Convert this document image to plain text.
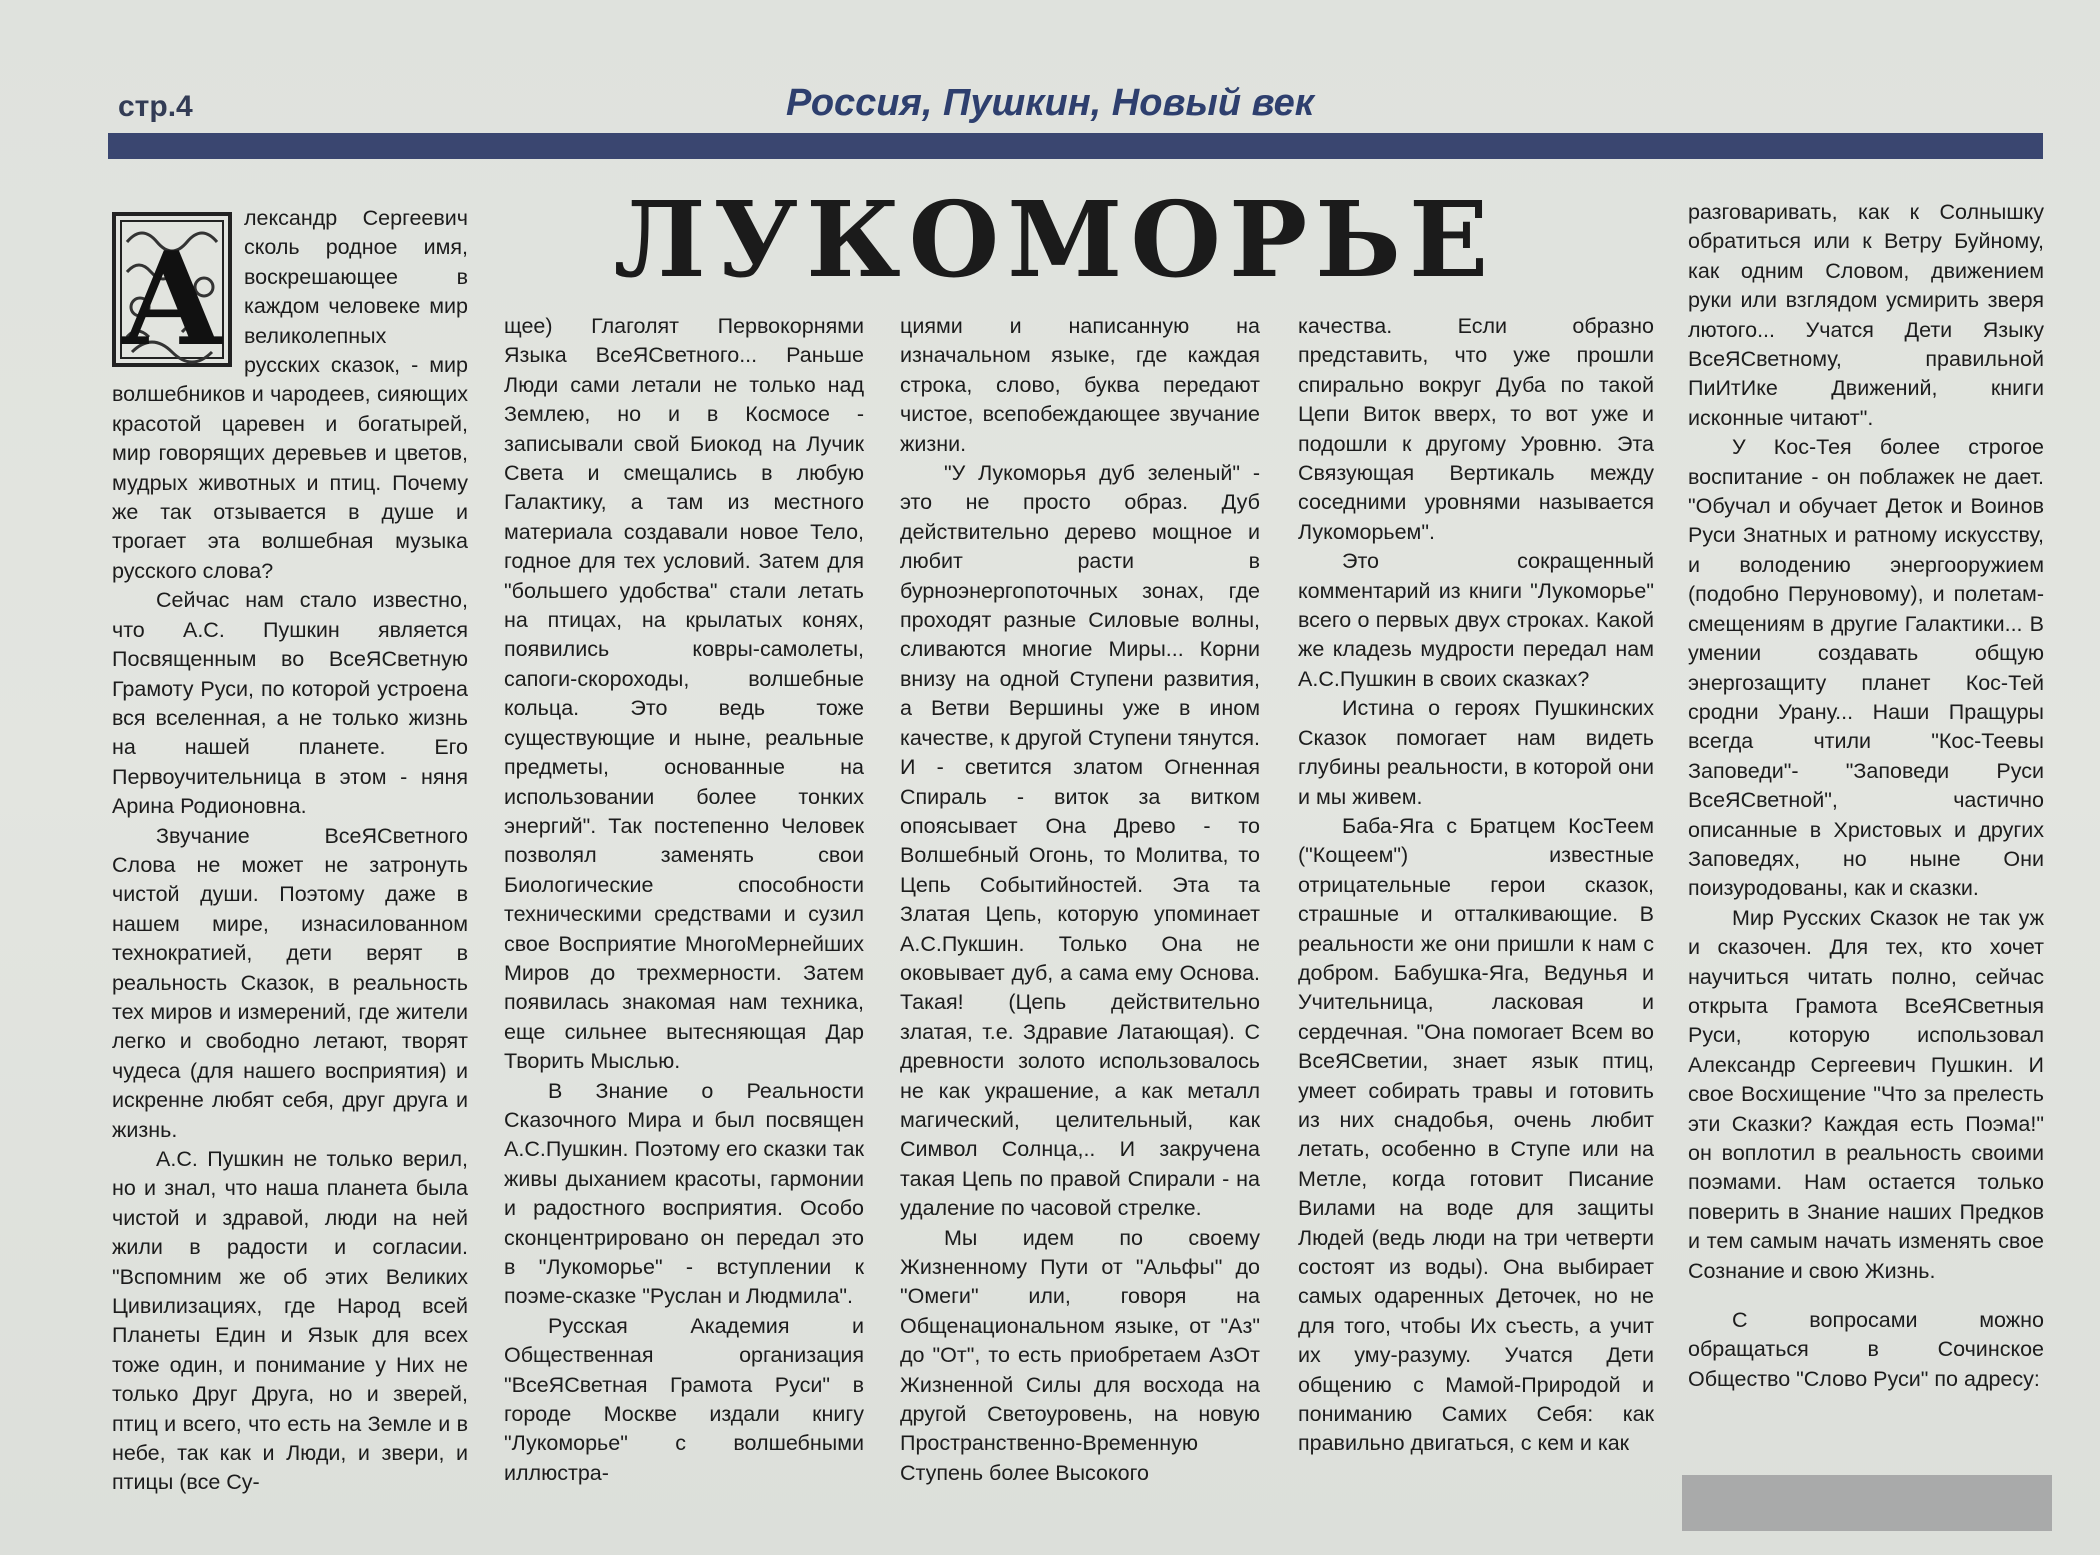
стр.4	Россия, Пушкин, Новый век
ЛУКОМОРЬЕ
А

лександр Сергеевич сколь родное имя, воскрешающее в каждом человеке мир великолепных русских сказок, - мир волшебников и чародеев, сияющих красотой царевен и богатырей, мир говорящих деревьев и цветов, мудрых животных и птиц. Почему же так отзывается в душе и трогает эта волшебная музыка русского слова?

Сейчас нам стало известно, что А.С. Пушкин является Посвященным во ВсеЯСветную Грамоту Руси, по которой устроена вся вселенная, а не только жизнь на нашей планете. Его Первоучительница в этом - няня Арина Родионовна.

Звучание ВсеЯСветного Слова не может не затронуть чистой души. Поэтому даже в нашем мире, изнасилованном технократией, дети верят в реальность Сказок, в реальность тех миров и измерений, где жители легко и свободно летают, творят чудеса (для нашего восприятия) и искренне любят себя, друг друга и жизнь.

А.С. Пушкин не только верил, но и знал, что наша планета была чистой и здравой, люди на ней жили в радости и согласии. "Вспомним же об этих Великих Цивилизациях, где Народ всей Планеты Един и Язык для всех тоже один, и понимание у Них не только Друг Друга, но и зверей, птиц и всего, что есть на Земле и в небе, так как и Люди, и звери, и птицы (все Су-

щее) Глаголят Первокорнями Языка ВсеЯСветного... Раньше Люди сами летали не только над Землею, но и в Космосе - записывали свой Биокод на Лучик Света и смещались в любую Галактику, а там из местного материала создавали новое Тело, годное для тех условий. Затем для "большего удобства" стали летать на птицах, на крылатых конях, появились ковры-самолеты, сапоги-скороходы, волшебные кольца. Это ведь тоже существующие и ныне, реальные предметы, основанные на использовании более тонких энергий". Так постепенно Человек позволял заменять свои Биологические способности техническими средствами и сузил свое Восприятие МногоМернейших Миров до трехмерности. Затем появилась знакомая нам техника, еще сильнее вытесняющая Дар Творить Мыслью.

В Знание о Реальности Сказочного Мира и был посвящен А.С.Пушкин. Поэтому его сказки так живы дыханием красоты, гармонии и радостного восприятия. Особо сконцентрировано он передал это в "Лукоморье" - вступлении к поэме-сказке "Руслан и Людмила".

Русская Академия и Общественная организация "ВсеЯСветная Грамота Руси" в городе Москве издали книгу "Лукоморье" с волшебными иллюстра-

циями и написанную на изначальном языке, где каждая строка, слово, буква передают чистое, всепобеждающее звучание жизни.

"У Лукоморья дуб зеленый" - это не просто образ. Дуб действительно дерево мощное и любит расти в бурноэнергопоточных зонах, где проходят разные Силовые волны, сливаются многие Миры... Корни внизу на одной Ступени развития, а Ветви Вершины уже в ином качестве, к другой Ступени тянутся. И - светится златом Огненная Спираль - виток за витком опоясывает Она Древо - то Волшебный Огонь, то Молитва, то Цепь Событийностей. Эта та Златая Цепь, которую упоминает А.С.Пукшин. Только Она не оковывает дуб, а сама ему Основа. Такая! (Цепь действительно златая, т.е. Здравие Латающая). С древности золото использовалось не как украшение, а как металл магический, целительный, как Символ Солнца,.. И закручена такая Цепь по правой Спирали - на удаление по часовой стрелке.

Мы идем по своему Жизненному Пути от "Альфы" до "Омеги" или, говоря на Общенациональном языке, от "Аз" до "От", то есть приобретаем АзОт Жизненной Силы для восхода на другой Светоуровень, на новую Пространственно-Временную Ступень более Высокого

качества. Если образно представить, что уже прошли спирально вокруг Дуба по такой Цепи Виток вверх, то вот уже и подошли к другому Уровню. Эта Связующая Вертикаль между соседними уровнями называется Лукоморьем".

Это сокращенный комментарий из книги "Лукоморье" всего о первых двух строках. Какой же кладезь мудрости передал нам А.С.Пушкин в своих сказках?

Истина о героях Пушкинских Сказок помогает нам видеть глубины реальности, в которой они и мы живем.

Баба-Яга с Братцем КосТеем ("Кощеем") известные отрицательные герои сказок, страшные и отталкивающие. В реальности же они пришли к нам с добром. Бабушка-Яга, Ведунья и Учительница, ласковая и сердечная. "Она помогает Всем во ВсеЯСветии, знает язык птиц, умеет собирать травы и готовить из них снадобья, очень любит летать, особенно в Ступе или на Метле, когда готовит Писание Вилами на воде для защиты Людей (ведь люди на три четверти состоят из воды). Она выбирает самых одаренных Деточек, но не для того, чтобы Их съесть, а учит их уму-разуму. Учатся Дети общению с Мамой-Природой и пониманию Самих Себя: как правильно двигаться, с кем и как

разговаривать, как к Солнышку обратиться или к Ветру Буйному, как одним Словом, движением руки или взглядом усмирить зверя лютого... Учатся Дети Языку ВсеЯСветному, правильной ПиИтИке Движений, книги исконные читают".

У Кос-Тея более строгое воспитание - он поблажек не дает. "Обучал и обучает Деток и Воинов Руси Знатных и ратному искусству, и володению энергооружием (подобно Перуновому), и полетам-смещениям в другие Галактики... В умении создавать общую энергозащиту планет Кос-Тей сродни Урану... Наши Пращуры всегда чтили "Кос-Теевы Заповеди"- "Заповеди Руси ВсеЯСветной", частично описанные в Христовых и других Заповедях, но ныне Они поизуродованы, как и сказки.

Мир Русских Сказок не так уж и сказочен. Для тех, кто хочет научиться читать полно, сейчас открыта Грамота ВсеЯСветныя Руси, которую использовал Александр Сергеевич Пушкин. И свое Восхищение "Что за прелесть эти Сказки? Каждая есть Поэма!" он воплотил в реальность своими поэмами. Нам остается только поверить в Знание наших Предков и тем самым начать изменять свое Сознание и свою Жизнь.

С вопросами можно обращаться в Сочинское Общество "Слово Руси" по адресу:
